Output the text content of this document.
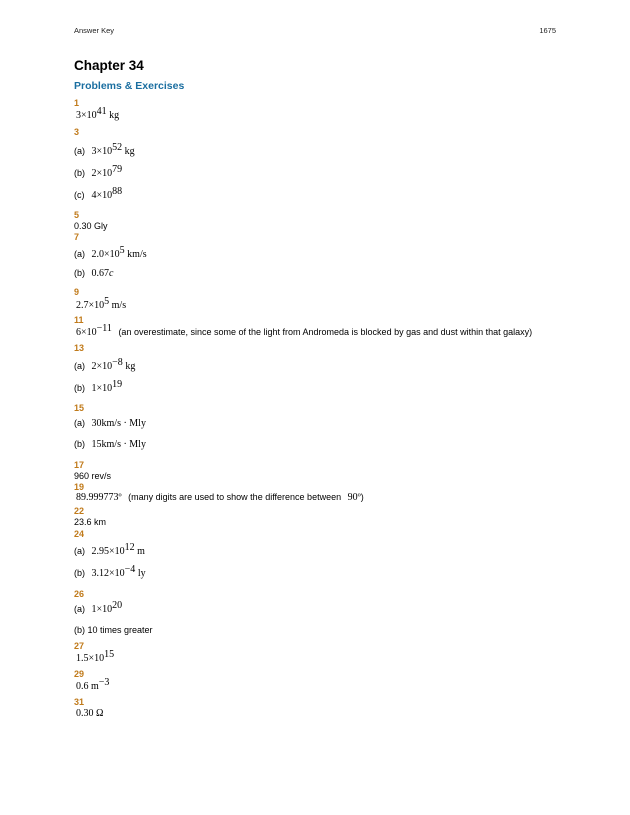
Answer Key	1675
Chapter 34
Problems & Exercises
1
$3\times 10^{41}$ kg
3
(a) $3\times 10^{52}$ kg
(b) $2\times 10^{79}$
(c) $4\times 10^{88}$
5
0.30 Gly
7
(a) $2.0\times 10^5$ km/s
(b) 0.67c
9
$2.7\times 10^5$ m/s
11
$6\times 10^{-11}$ (an overestimate, since some of the light from Andromeda is blocked by gas and dust within that galaxy)
13
(a) $2\times 10^{-8}$ kg
(b) $1\times 10^{19}$
15
(a) 30km/s · Mly
(b) 15km/s · Mly
17
960 rev/s
19
89.999773º (many digits are used to show the difference between 90º)
22
23.6 km
24
(a) $2.95\times 10^{12}$ m
(b) $3.12\times 10^{-4}$ ly
26
(a) $1\times 10^{20}$
(b) 10 times greater
27
$1.5\times 10^{15}$
29
0.6 $m^{-3}$
31
0.30 Ω
